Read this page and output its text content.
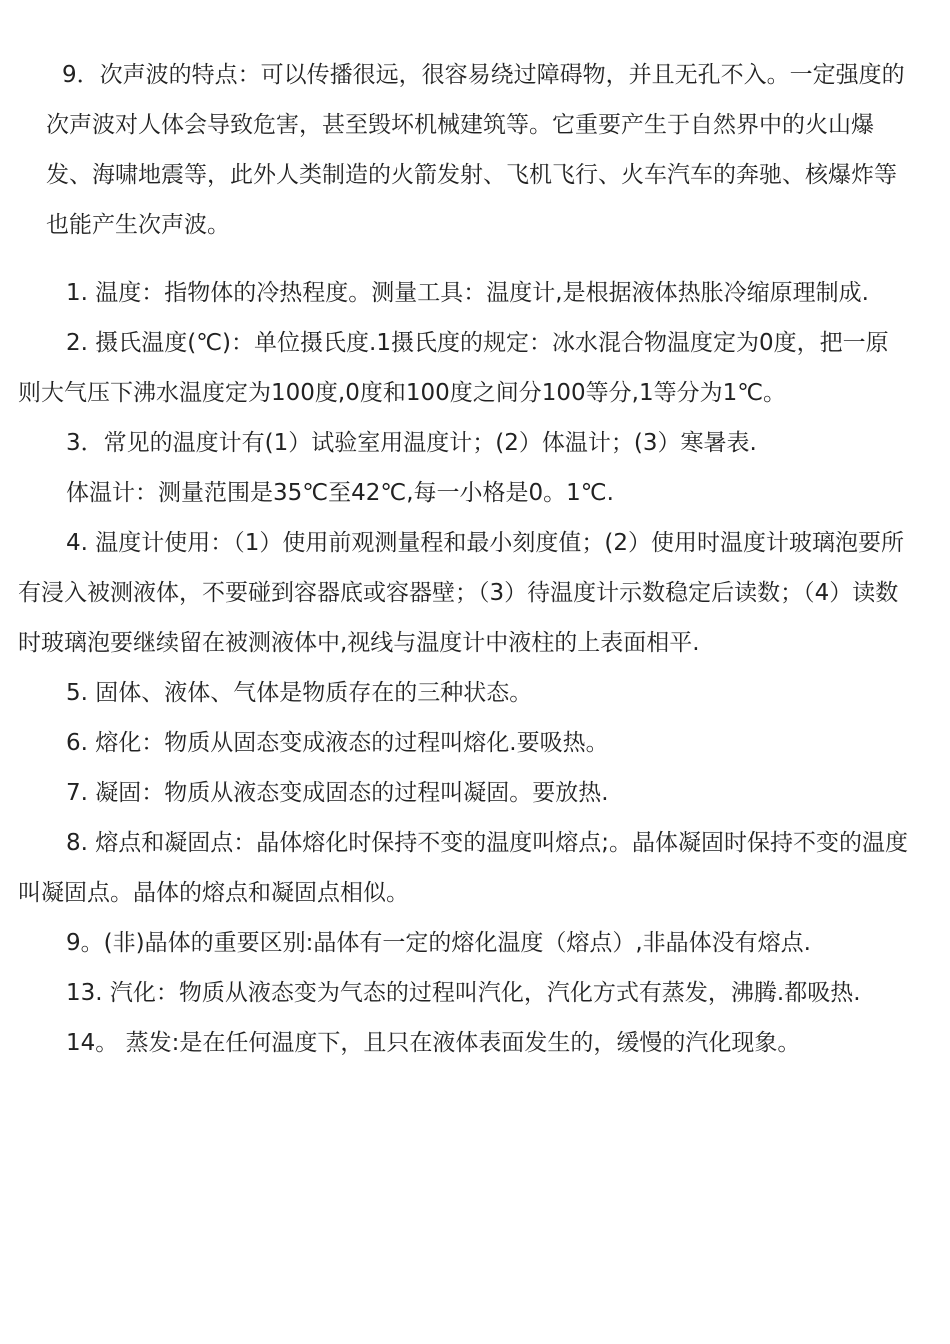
9．次声波的特点：可以传播很远，很容易绕过障碍物，并且无孔不入。一定强度的次声波对人体会导致危害，甚至毁坏机械建筑等。它重要产生于自然界中的火山爆发、海啸地震等，此外人类制造的火箭发射、飞机飞行、火车汽车的奔驰、核爆炸等也能产生次声波。

1. 温度：指物体的冷热程度。测量工具：温度计,是根据液体热胀冷缩原理制成.

2. 摄氏温度(℃)：单位摄氏度.1摄氏度的规定：冰水混合物温度定为0度，把一原则大气压下沸水温度定为100度,0度和100度之间分100等分,1等分为1℃。

3．常见的温度计有(1）试验室用温度计；(2）体温计；(3）寒暑表.

体温计：测量范围是35℃至42℃,每一小格是0。1℃.

4. 温度计使用：（1）使用前观测量程和最小刻度值；(2）使用时温度计玻璃泡要所有浸入被测液体，不要碰到容器底或容器壁；（3）待温度计示数稳定后读数；（4）读数时玻璃泡要继续留在被测液体中,视线与温度计中液柱的上表面相平.

5. 固体、液体、气体是物质存在的三种状态。

6. 熔化：物质从固态变成液态的过程叫熔化.要吸热。

7. 凝固：物质从液态变成固态的过程叫凝固。要放热.

8. 熔点和凝固点：晶体熔化时保持不变的温度叫熔点;。晶体凝固时保持不变的温度叫凝固点。晶体的熔点和凝固点相似。

9。(非)晶体的重要区别:晶体有一定的熔化温度（熔点）,非晶体没有熔点.

13. 汽化：物质从液态变为气态的过程叫汽化，汽化方式有蒸发，沸腾.都吸热.

14。 蒸发:是在任何温度下，且只在液体表面发生的，缓慢的汽化现象。
